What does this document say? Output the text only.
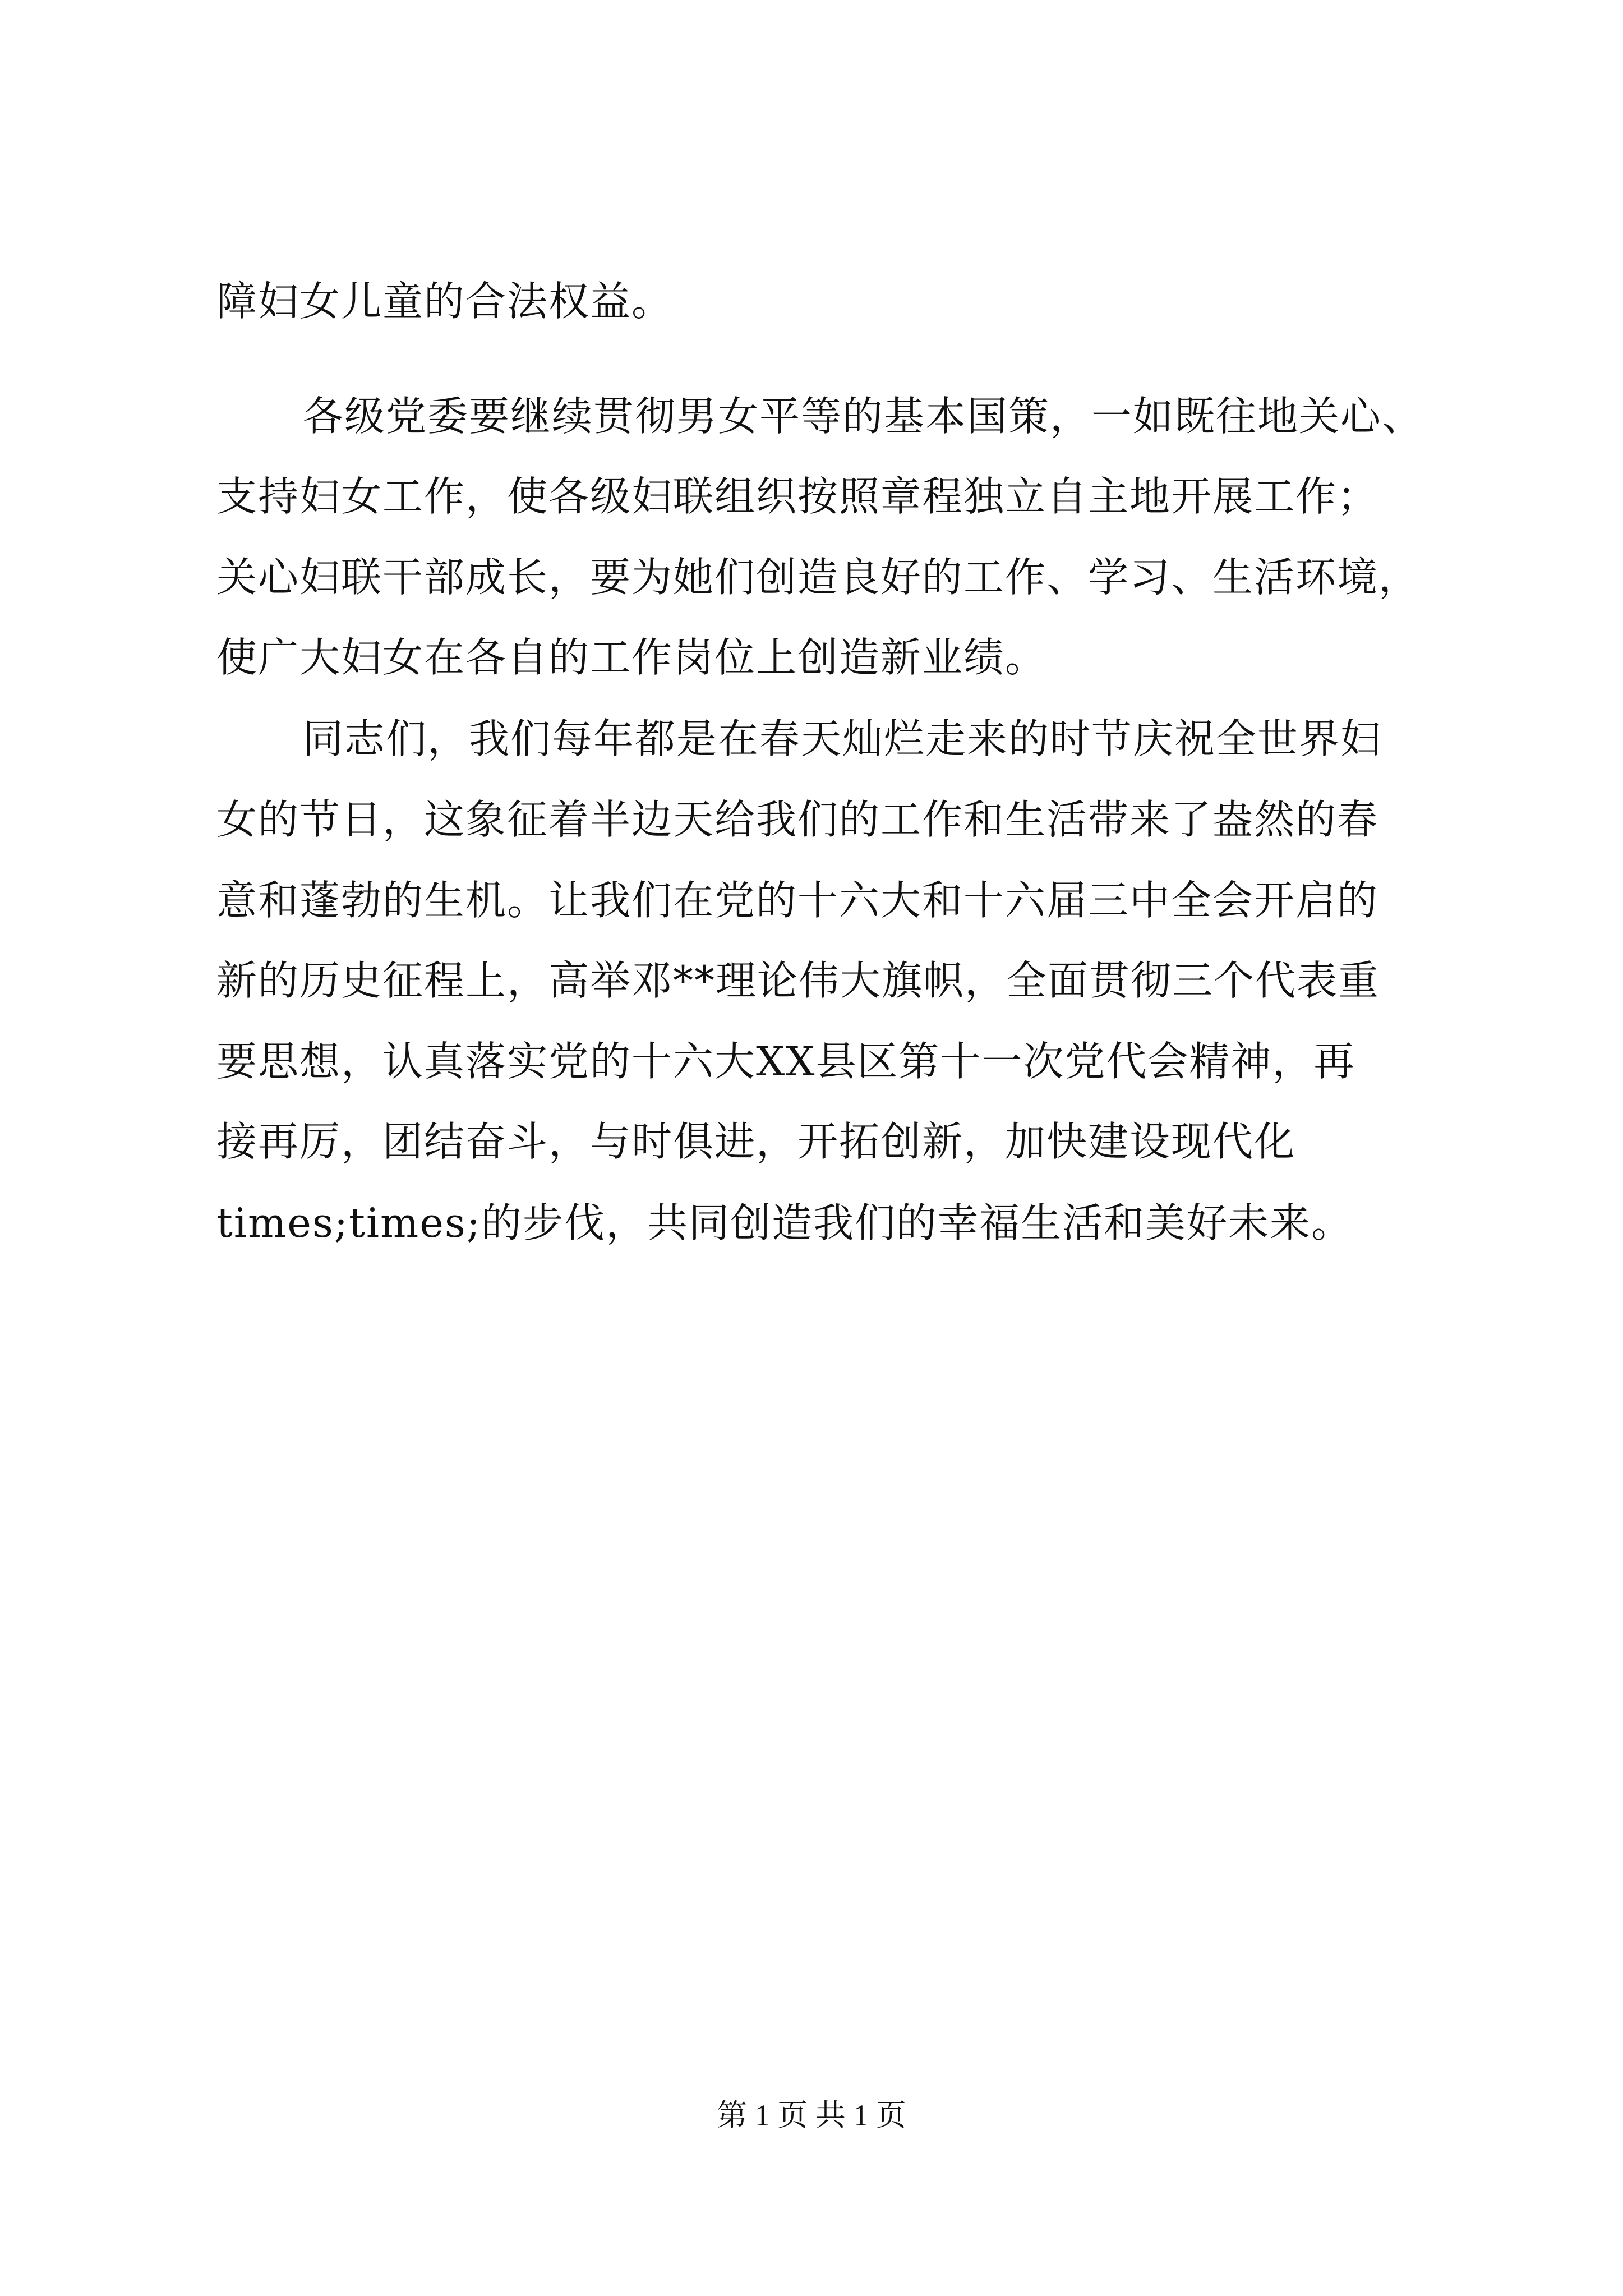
障妇女儿童的合法权益。
各级党委要继续贯彻男女平等的基本国策，一如既往地关心、
支持妇女工作，使各级妇联组织按照章程独立自主地开展工作；
关心妇联干部成长，要为她们创造良好的工作、学习、生活环境，
使广大妇女在各自的工作岗位上创造新业绩。
同志们，我们每年都是在春天灿烂走来的时节庆祝全世界妇
女的节日，这象征着半边天给我们的工作和生活带来了盎然的春
意和蓬勃的生机。让我们在党的十六大和十六届三中全会开启的
新的历史征程上，高举邓**理论伟大旗帜，全面贯彻三个代表重
要思想，认真落实党的十六大XX县区第十一次党代会精神，再
接再厉，团结奋斗，与时俱进，开拓创新，加快建设现代化
times;times;的步伐，共同创造我们的幸福生活和美好未来。
第 1 页 共 1 页
